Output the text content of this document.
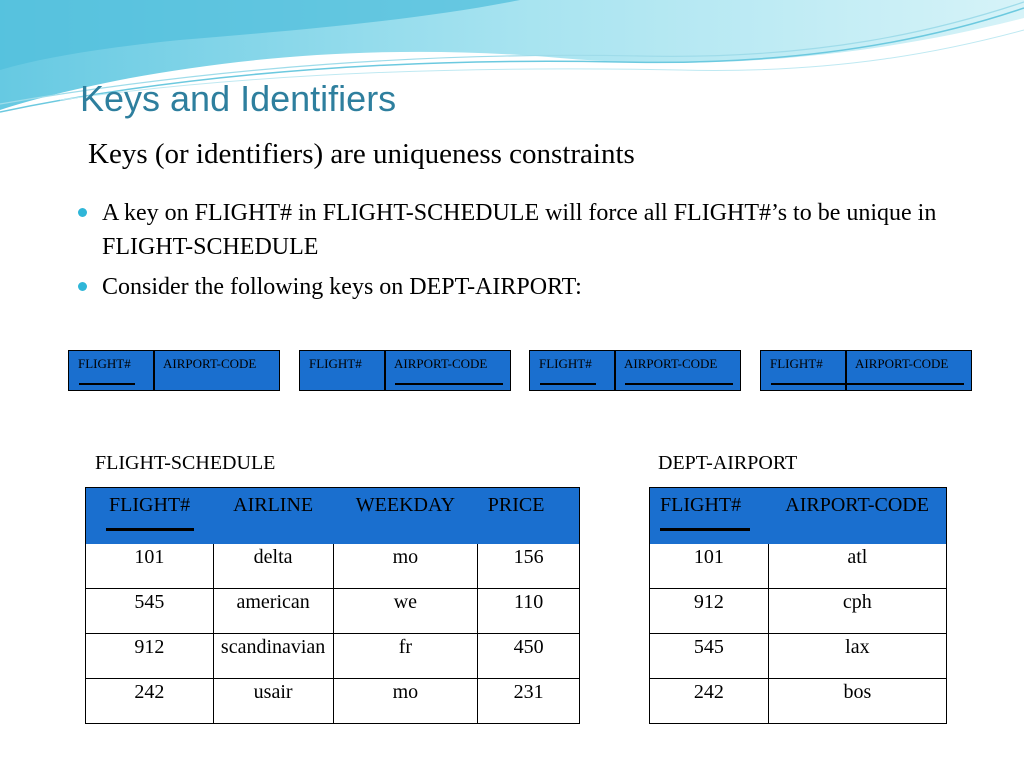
Keys and Identifiers
Keys (or identifiers) are uniqueness constraints
A key on FLIGHT# in FLIGHT-SCHEDULE will force all FLIGHT#’s to be unique in FLIGHT-SCHEDULE
Consider the following keys on DEPT-AIRPORT:
FLIGHT# AIRPORT-CODE	FLIGHT# AIRPORT-CODE	FLIGHT# AIRPORT-CODE	FLIGHT# AIRPORT-CODE
FLIGHT-SCHEDULE	DEPT-AIRPORT
FLIGHT#	AIRLINE	WEEKDAY	PRICE
101	delta	mo	156
545	american	we	110
912	scandinavian	fr	450
242	usair	mo	231
FLIGHT#	AIRPORT-CODE
101	atl
912	cph
545	lax
242	bos
